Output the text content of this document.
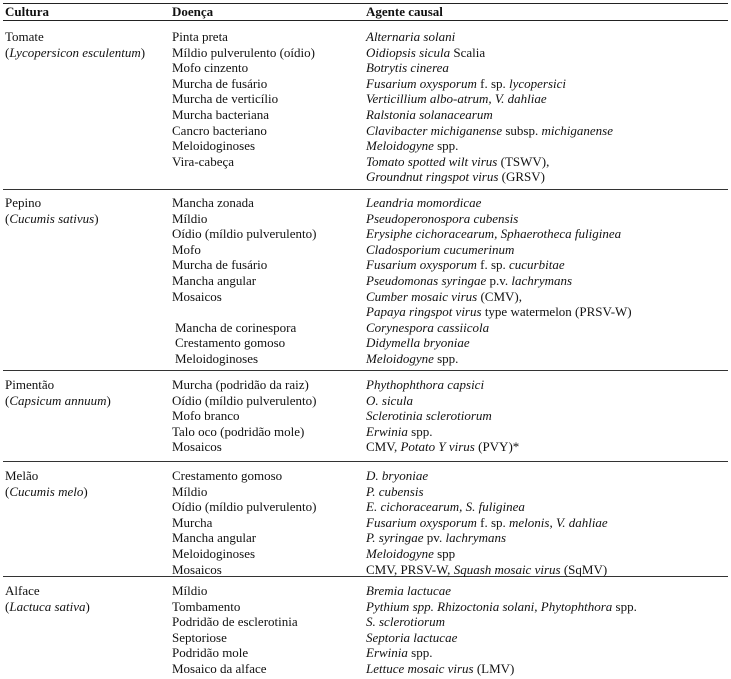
Cultura	Doença	Agente causal
Tomate
(Lycopersicon esculentum)
Pinta preta	Alternaria solani
Míldio pulverulento (oídio)	Oidiopsis sicula Scalia
Mofo cinzento	Botrytis cinerea
Murcha de fusário	Fusarium oxysporum f. sp. lycopersici
Murcha de verticílio	Verticillium albo-atrum, V. dahliae
Murcha bacteriana	Ralstonia solanacearum
Cancro bacteriano	Clavibacter michiganense subsp. michiganense
Meloidoginoses	Meloidogyne spp.
Vira-cabeça	Tomato spotted wilt virus (TSWV),
Groundnut ringspot virus (GRSV)
Pepino
(Cucumis sativus)
Mancha zonada	Leandria momordicae
Míldio	Pseudoperonospora cubensis
Oídio (míldio pulverulento)	Erysiphe cichoracearum, Sphaerotheca fuliginea
Mofo	Cladosporium cucumerinum
Murcha de fusário	Fusarium oxysporum f. sp. cucurbitae
Mancha angular	Pseudomonas syringae p.v. lachrymans
Mosaicos	Cumber mosaic virus (CMV),
Papaya ringspot virus type watermelon (PRSV-W)
Mancha de corinespora	Corynespora cassiicola
Crestamento gomoso	Didymella bryoniae
Meloidoginoses	Meloidogyne spp.
Pimentão
(Capsicum annuum)
Murcha (podridão da raiz)	Phythophthora capsici
Oídio (míldio pulverulento)	O. sicula
Mofo branco	Sclerotinia sclerotiorum
Talo oco (podridão mole)	Erwinia spp.
Mosaicos	CMV, Potato Y virus (PVY)*
Melão
(Cucumis melo)
Crestamento gomoso	D. bryoniae
Míldio	P. cubensis
Oídio (míldio pulverulento)	E. cichoracearum, S. fuliginea
Murcha	Fusarium oxysporum f. sp. melonis, V. dahliae
Mancha angular	P. syringae pv. lachrymans
Meloidoginoses	Meloidogyne spp
Mosaicos	CMV, PRSV-W, Squash mosaic virus (SqMV)
Alface
(Lactuca sativa)
Míldio	Bremia lactucae
Tombamento	Pythium spp. Rhizoctonia solani, Phytophthora spp.
Podridão de esclerotinia	S. sclerotiorum
Septoriose	Septoria lactucae
Podridão mole	Erwinia spp.
Mosaico da alface	Lettuce mosaic virus (LMV)
